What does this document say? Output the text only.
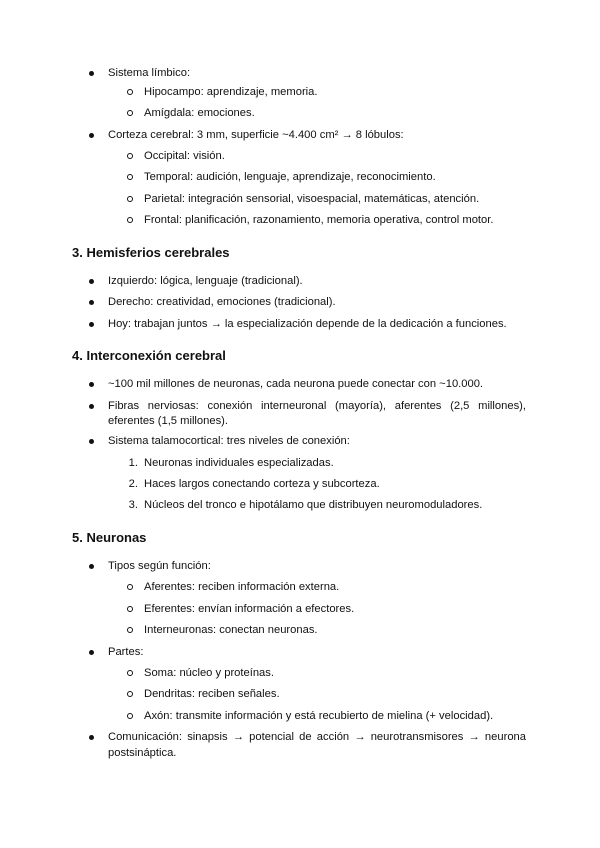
Sistema límbico:
Hipocampo: aprendizaje, memoria.
Amígdala: emociones.
Corteza cerebral: 3 mm, superficie ~4.400 cm² → 8 lóbulos:
Occipital: visión.
Temporal: audición, lenguaje, aprendizaje, reconocimiento.
Parietal: integración sensorial, visoespacial, matemáticas, atención.
Frontal: planificación, razonamiento, memoria operativa, control motor.
3. Hemisferios cerebrales
Izquierdo: lógica, lenguaje (tradicional).
Derecho: creatividad, emociones (tradicional).
Hoy: trabajan juntos → la especialización depende de la dedicación a funciones.
4. Interconexión cerebral
~100 mil millones de neuronas, cada neurona puede conectar con ~10.000.
Fibras nerviosas: conexión interneuronal (mayoría), aferentes (2,5 millones),
eferentes (1,5 millones).
Sistema talamocortical: tres niveles de conexión:
1. Neuronas individuales especializadas.
2. Haces largos conectando corteza y subcorteza.
3. Núcleos del tronco e hipotálamo que distribuyen neuromoduladores.
5. Neuronas
Tipos según función:
Aferentes: reciben información externa.
Eferentes: envían información a efectores.
Interneuronas: conectan neuronas.
Partes:
Soma: núcleo y proteínas.
Dendritas: reciben señales.
Axón: transmite información y está recubierto de mielina (+ velocidad).
Comunicación: sinapsis → potencial de acción → neurotransmisores → neurona
postsináptica.
